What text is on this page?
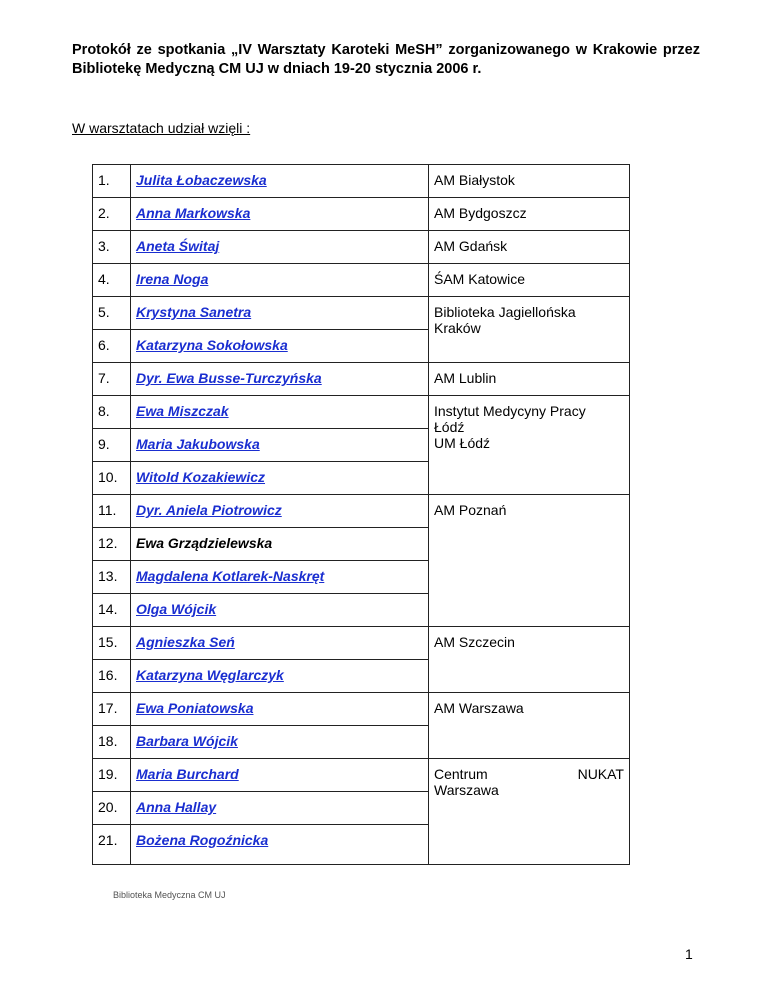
Protokół ze spotkania „IV Warsztaty Karoteki MeSH” zorganizowanego w Krakowie przez Bibliotekę Medyczną CM UJ w dniach 19-20 stycznia 2006 r.
W warsztatach udział wzięli :
1.	Julita Łobaczewska	AM Białystok
2.	Anna Markowska	AM Bydgoszcz
3.	Aneta Świtaj	AM Gdańsk
4.	Irena Noga	ŚAM Katowice
5.	Krystyna Sanetra	Biblioteka Jagiellońska
Kraków

6.	Katarzyna Sokołowska	
7.	Dyr. Ewa Busse-Turczyńska	AM Lublin
8.	Ewa Miszczak	Instytut Medycyny Pracy
Łódź
UM Łódź

9.	Maria Jakubowska	
10.	Witold Kozakiewicz	
11.	Dyr. Aniela Piotrowicz	AM Poznań
12.	Ewa Grządzielewska	
13.	Magdalena Kotlarek-Naskręt	
14.	Olga Wójcik	
15.	Agnieszka Seń	AM Szczecin
16.	Katarzyna Węglarczyk	
17.	Ewa Poniatowska	AM Warszawa
18.	Barbara Wójcik	
19.	Maria Burchard	Centrum NUKAT
Warszawa

20.	Anna Hallay	
21.	Bożena Rogoźnicka	
Biblioteka Medyczna CM UJ
1
